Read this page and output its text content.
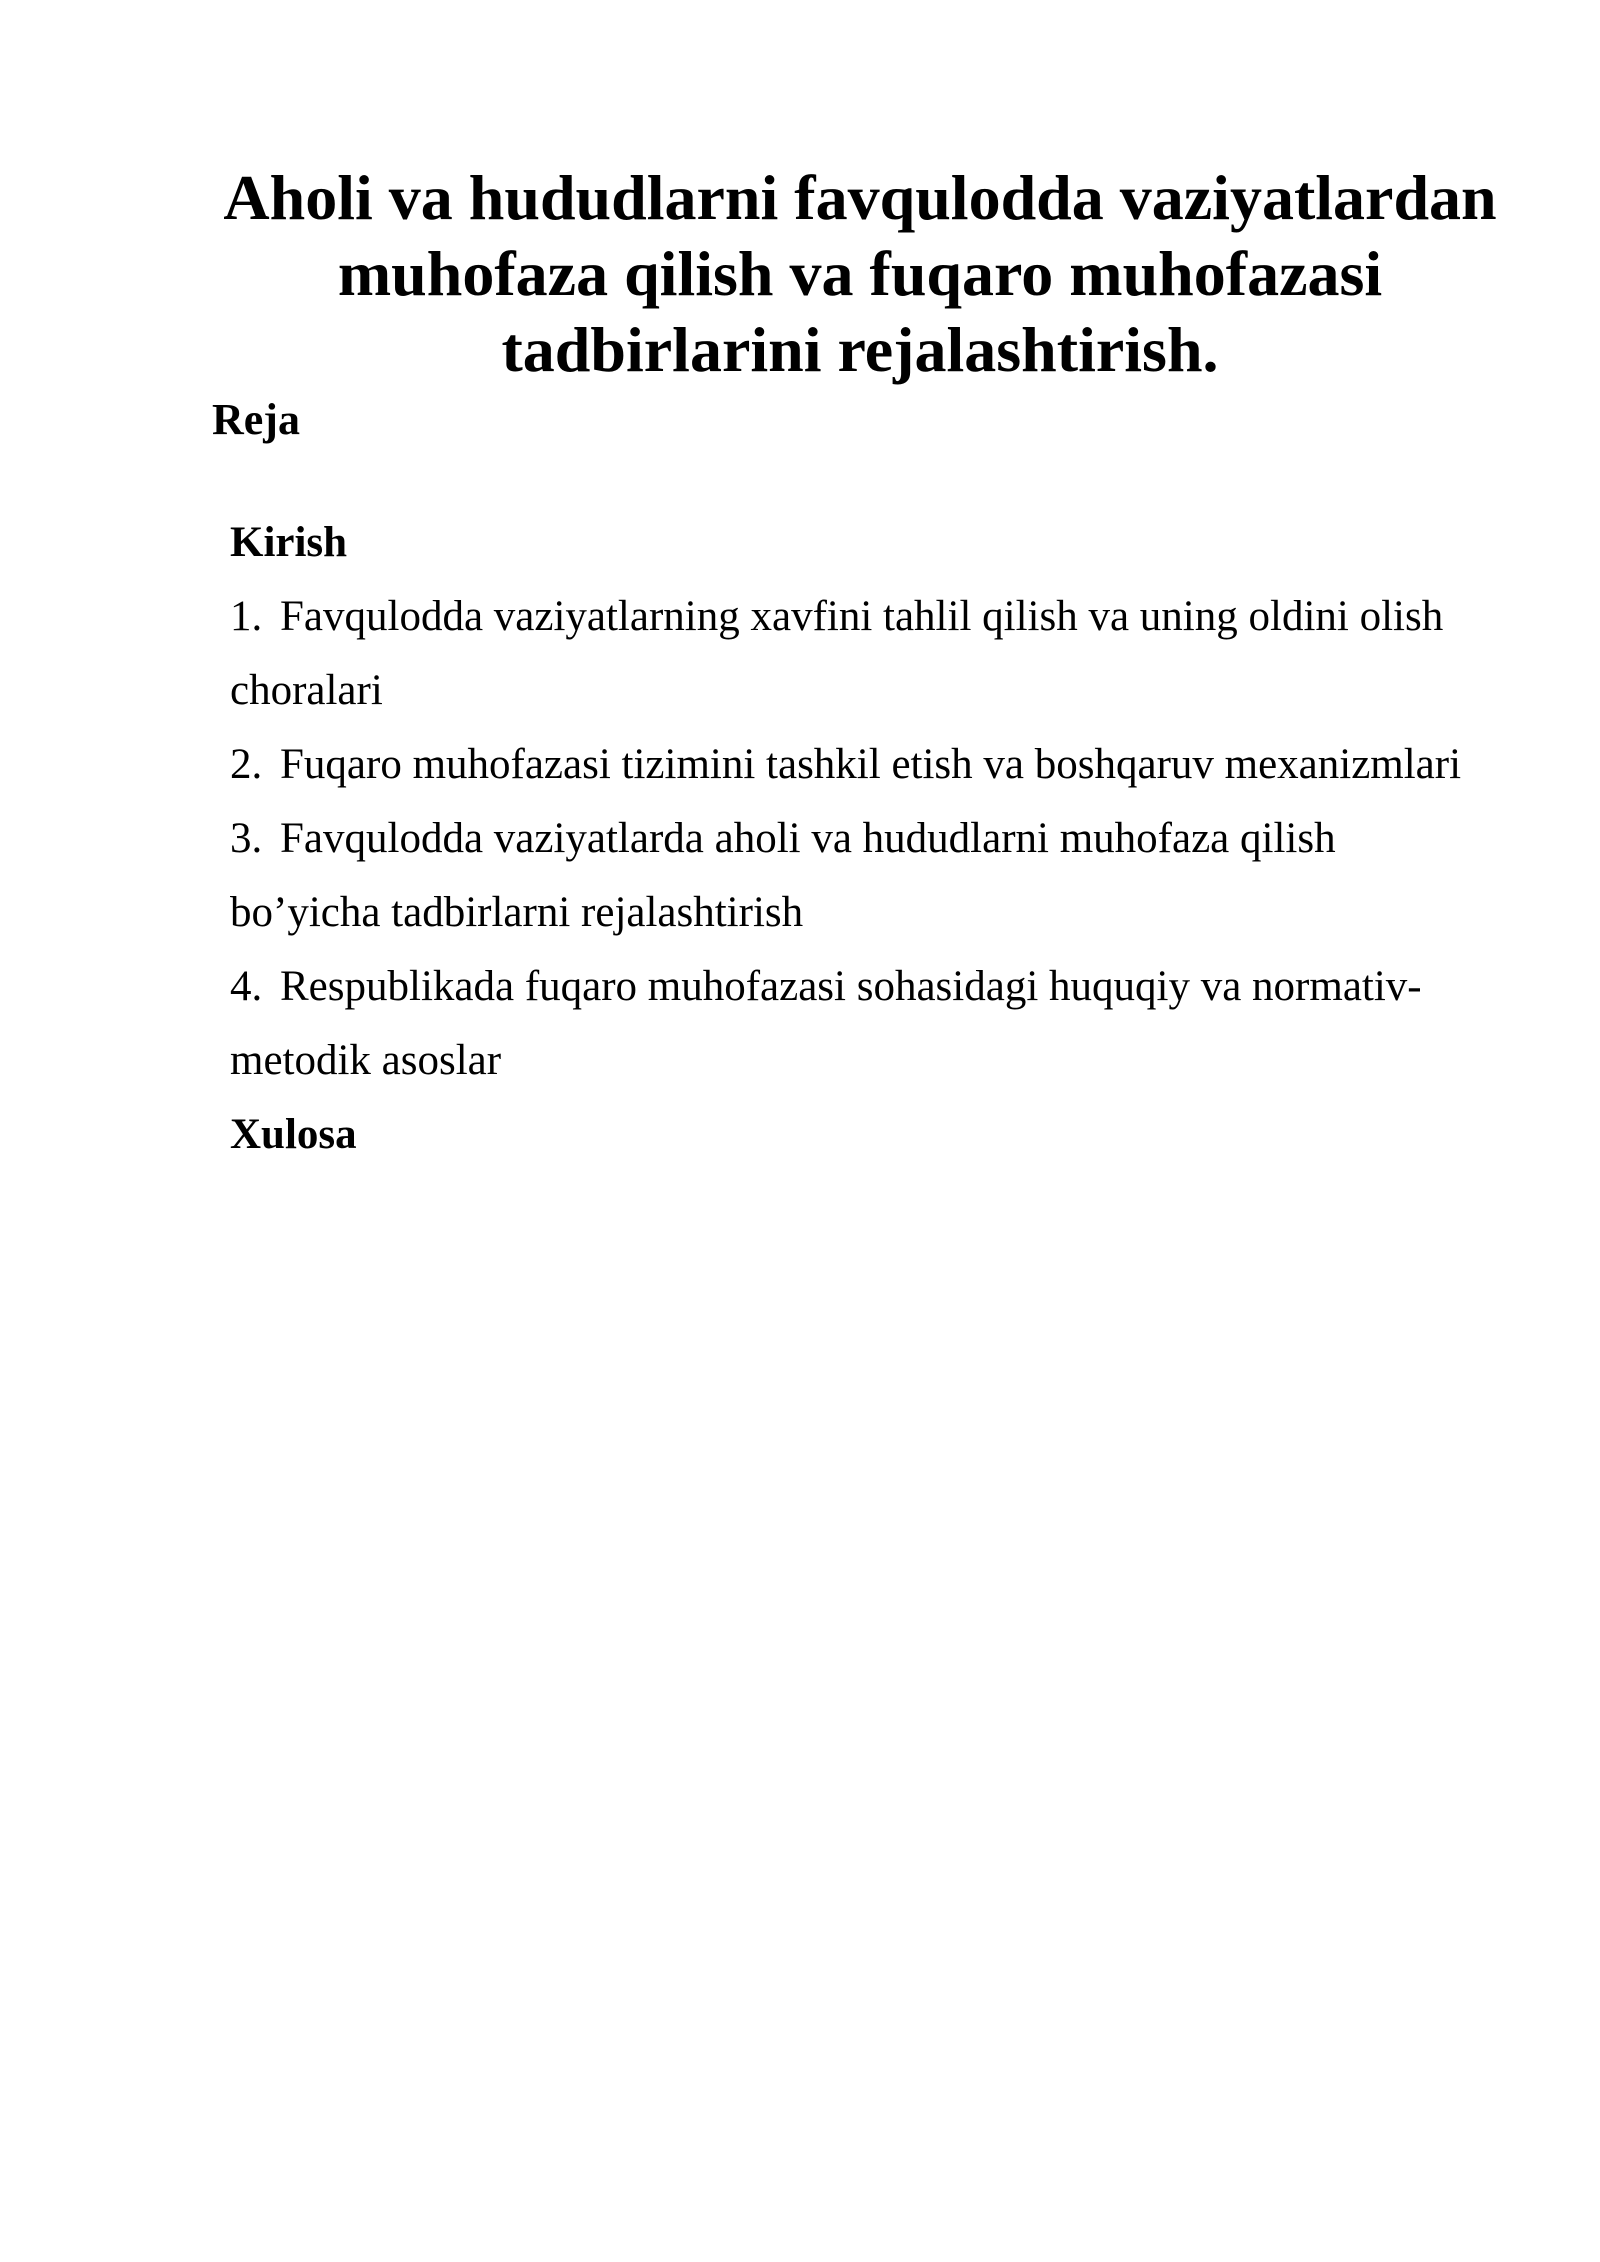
Aholi va hududlarni favqulodda vaziyatlardan muhofaza qilish va fuqaro muhofazasi tadbirlarini rejalashtirish.
Reja
Kirish
1. Favqulodda vaziyatlarning xavfini tahlil qilish va uning oldini olish choralari
2. Fuqaro muhofazasi tizimini tashkil etish va boshqaruv mexanizmlari
3. Favqulodda vaziyatlarda aholi va hududlarni muhofaza qilish bo’yicha tadbirlarni rejalashtirish
4. Respublikada fuqaro muhofazasi sohasidagi huquqiy va normativ-metodik asoslar
Xulosa
